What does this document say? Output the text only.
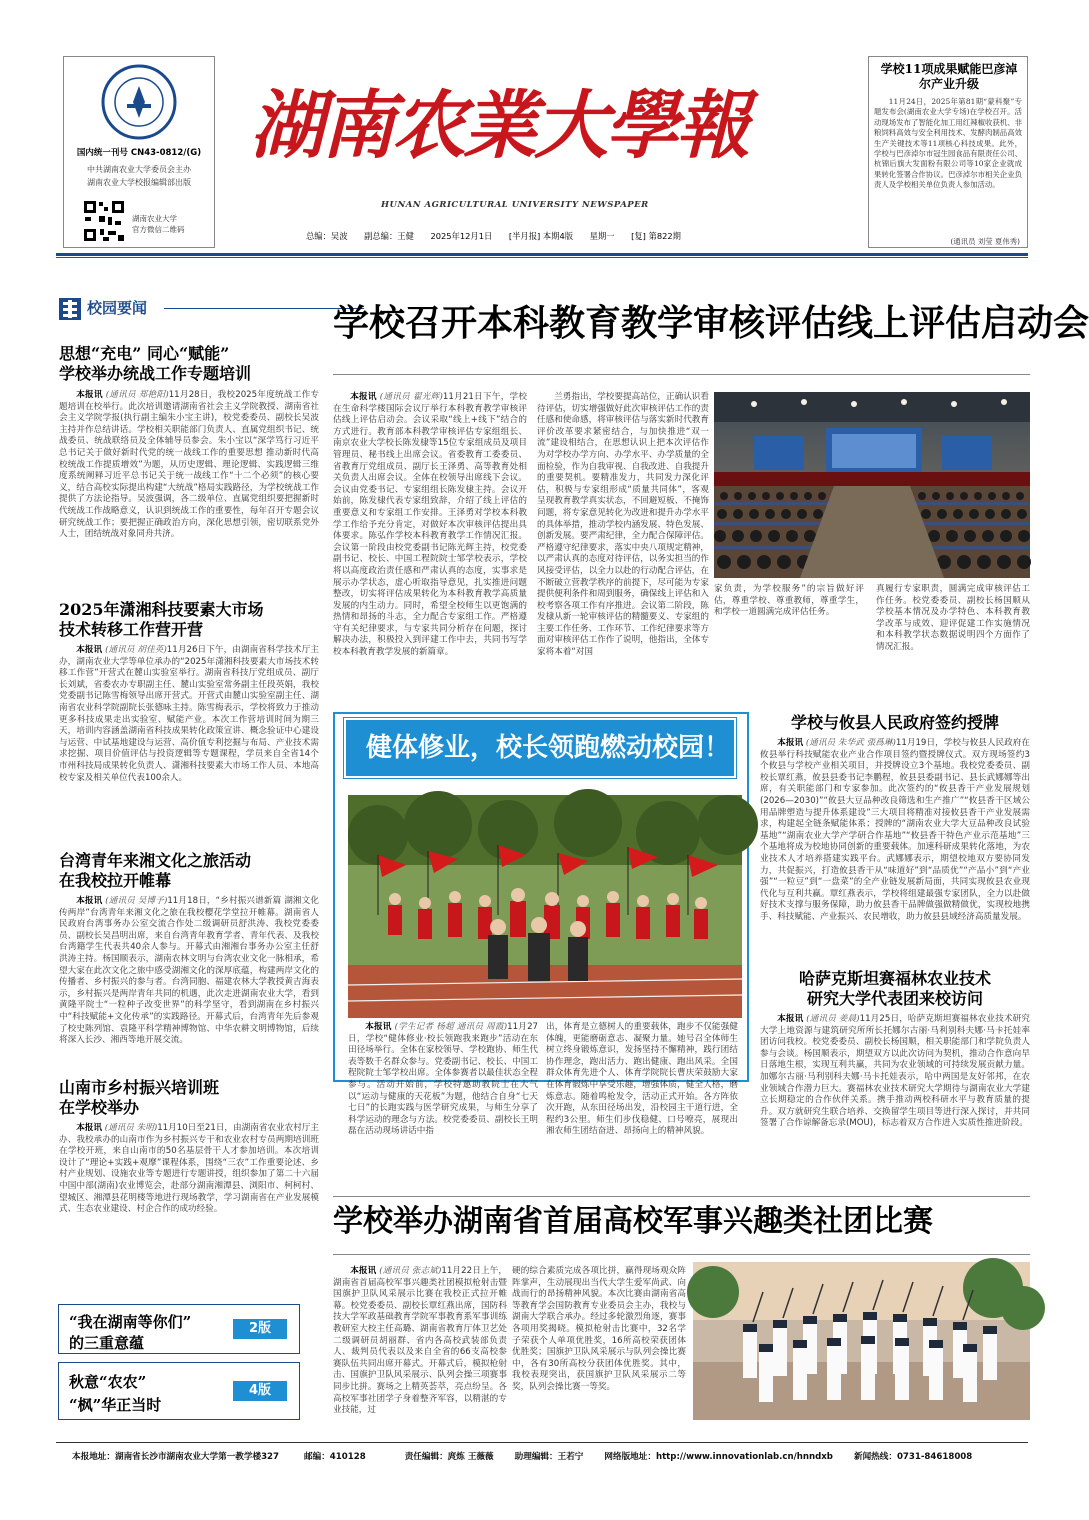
国内统一刊号 CN43-0812/(G)
中共湖南农业大学委员会主办
湖南农业大学校报编辑部出版
湖南农业大学
官方微信二维码
湖南农業大學報
HUNAN AGRICULTURAL UNIVERSITY NEWSPAPER
总编：吴波　　副总编：王健　　2025年12月1日　　[半月报] 本期4版　　星期一　　[复] 第822期
学校11项成果赋能巴彦淖尔产业升级
11月24日，2025年第81期“蒙科聚”专题发布会(湖南农业大学专场)在学校召开。活动现场发布了智能化加工用红辣椒收获机、非粮饲料高效与安全利用技术、发酵肉制品高效生产关键技术等11项核心科技成果。此外，学校与巴彦淖尔市冠生园食品有限责任公司、杭锦后旗大发面粉有限公司等10家企业就成果转化签署合作协议。巴彦淖尔市相关企业负责人及学校相关单位负责人参加活动。
(通讯员 刘莹 夏伟秀)
校园要闻
思想“充电” 同心“赋能”
学校举办统战工作专题培训

本报讯 (通讯员 郑艳阳)11月28日，我校2025年度统战工作专题培训在校举行。此次培训邀请湖南省社会主义学院教授、湖南省社会主义学院学报(执行副主编朱小宝主讲)，校党委委员、副校长吴波主持并作总结讲话。学校相关职能部门负责人、直属党组织书记、统战委员、统战联络员及全体辅导员参会。朱小宝以“深学笃行习近平总书记关于做好新时代党的统一战线工作的重要思想 推动新时代高校统战工作提质增效”为题，从历史逻辑、理论逻辑、实践逻辑三维度系统阐释习近平总书记关于统一战线工作“十二个必须”的核心要义，结合高校实际提出构建“大统战”格局实践路径，为学校统战工作提供了方法论指导。吴波强调，各二级单位、直属党组织要把握新时代统战工作战略意义，认识到统战工作的重要性，每年召开专题会议研究统战工作；要把握正确政治方向，深化思想引领，密切联系党外人士，团结统战对象同舟共济。

2025年潇湘科技要素大市场
技术转移工作营开营

本报讯 (通讯员 胡佳英)11月26日下午，由湖南省科学技术厅主办，湖南农业大学等单位承办的“2025年潇湘科技要素大市场技术转移工作营”开营式在麓山实验室举行。湖南省科技厅党组成员、副厅长刘斌，省委农办专职副主任、麓山实验室常务副主任段英娟，我校党委副书记陈雪梅领导出席开营式。开营式由麓山实验室副主任、湖南省农业科学院副院长张德咏主持。陈雪梅表示，学校将致力于推动更多科技成果走出实验室、赋能产业。本次工作营培训时间为期三天，培训内容涵盖湖南省科技成果转化政策宣讲、概念验证中心建设与运营、中试基地建设与运营、高价值专利挖掘与布局、产业技术需求挖掘、项目价值评估与投资逻辑等专题课程，学员来自全省14个市州科技局成果转化负责人、潇湘科技要素大市场工作人员、本地高校专家及相关单位代表100余人。

台湾青年来湘文化之旅活动
在我校拉开帷幕

本报讯 (通讯员 吴博予)11月18日，“乡村振兴谱新篇 湖湘文化传两岸”台湾青年来湘文化之旅在我校樱花学堂拉开帷幕。湖南省人民政府台湾事务办公室交流合作处二级调研员舒洪涛、我校党委委员、副校长吴昌明出席，来自台湾青年教育学者、青年代表、及我校台湾籍学生代表共40余人参与。开幕式由湘湘台事务办公室主任舒洪涛主持。杨国顺表示，湖南农林文明与台湾农业文化一脉相承，希望大家在此次文化之旅中感受湖湘文化的深厚底蕴，构建两岸文化的传播者、乡村振兴的参与者。台湾同胞、福建农林大学教授黄吉海表示，乡村振兴是两岸青年共同的机遇，此次走进湖南农业大学，看到黄隆平院士“一粒种子改变世界”的科学坚守，看到湖南在乡村振兴中“科技赋能+文化传承”的实践路径。开幕式后，台湾青年先后参观了校史陈列馆、袁隆平科学精神博物馆、中华农耕文明博物馆，后续将深入长沙、湘西等地开展交流。

山南市乡村振兴培训班
在学校举办

本报讯 (通讯员 朱明)11月10日至21日，由湖南省农业农村厅主办、我校承办的山南市作为乡村振兴专干和农业农村专员两期培训班在学校开班，来自山南市的50名基层骨干人才参加培训。本次培训设计了“理论+实践+观摩”课程体系，围绕“三农”工作重要论述、乡村产业规划、设施农业等专题进行专题讲授，组织参加了第二十六届中国中部(湖南)农业博览会，赴部分湖南湘潭县、浏阳市、柯柯村、望城区、湘潭县花明楼等地进行现场教学，学习湖南省在产业发展模式、生态农业建设、村企合作的成功经验。

“我在湖南等你们”
的三重意蕴
2版
秋意“农农”
“枫”华正当时
4版
学校召开本科教育教学审核评估线上评估启动会

本报讯 (通讯员 翟光辉)11月21日下午，学校在生命科学楼国际会议厅举行本科教育教学审核评估线上评估启动会。会议采取“线上+线下”结合的方式进行。教育部本科教学审核评估专家组组长、南京农业大学校长陈发棣等15位专家组成员及项目管理员、秘书线上出席会议。省委教育工委委员、省教育厅党组成员、副厅长王泽勇、高等教育处相关负责人出席会议。全体在校领导出席线下会议。会议由党委书记、专家组组长陈发棣主持。会议开始前，陈发棣代表专家组致辞，介绍了线上评估的重要意义和专家组工作安排。王泽勇对学校本科教学工作给予充分肯定，对做好本次审核评估提出具体要求。陈弘作学校本科教育教学工作情况汇报。会议第一阶段由校党委副书记陈光辉主持，校党委副书记、校长、中国工程院院士邹学校表示，学校将以高度政治责任感和严肃认真的态度，实事求是展示办学状态，虚心听取指导意见，扎实推进问题整改，切实将评估成果转化为本科教育教学高质量发展的内生动力。同时，希望全校师生以更饱满的热情和昂扬的斗志，全力配合专家组工作。严格遵守有关纪律要求，与专家共同分析存在问题，探讨解决办法，积极投入到评建工作中去，共同书写学校本科教育教学发展的新篇章。

兰勇指出，学校要提高站位，正确认识看待评估，切实增强做好此次审核评估工作的责任感和使命感，将审核评估与落实新时代教育评价改革要求紧密结合，与加快推进“双一流”建设相结合，在思想认识上把本次评估作为对学校办学方向、办学水平、办学质量的全面检验，作为自我审视、自我改进、自我提升的重要契机。要精准发力，共同发力深化评估，积极与专家组形成“质量共同体”，客观呈现教育教学真实状态，不回避短板、不掩饰问题，将专家意见转化为改进和提升办学水平的具体举措，推动学校内涵发展、特色发展、创新发展。要严肃纪律，全力配合保障评估。严格遵守纪律要求，落实中央八项规定精神，以严肃认真的态度对待评估，以务实担当的作风接受评估，以全力以赴的行动配合评估，在不断破立营教学秩序的前提下，尽可能为专家提供便利条件和周到服务，确保线上评估和入校考察各项工作有序推进。会议第二阶段，陈发棣从新一轮审核评估的精髓要义、专家组的主要工作任务、工作环节、工作纪律要求等方面对审核评估工作作了说明，他指出，全体专家将本着“对国

家负责，为学校服务”的宗旨做好评估，尊重学校、尊重教师，尊重学生，和学校一道圆满完成评估任务。

真履行专家职责，圆满完成审核评估工作任务。校党委委员、副校长杨国顺从学校基本情况及办学特色、本科教育教学改革与成效、迎评促建工作实施情况和本科教学状态数据说明四个方面作了情况汇报。

健体修业，校长领跑燃动校园！

本报讯 (学生记者 杨超 通讯员 周霞)11月27日，学校“健体修业·校长领跑我来跑步”活动在东田径场举行。全体在家校领导、学校跑协、师生代表等数千名群众参与。党委副书记、校长、中国工程院院士邹学校出席。全体参赛者以最佳状态全程参与。活动开始前，学校特邀助教院士在大气以“运动与健康的天花板”为题，他结合自身“七天七日”的长跑实践与医学研究成果，与师生分享了科学运动的理念与方法。校党委委员、副校长王明磊在活动现场讲话中指

出，体育是立德树人的重要载体，跑步不仅能强健体魄，更能磨砺意志、凝聚力量。她号召全体师生树立终身锻炼意识，发扬坚持不懈精神，践行团结协作理念，跑出活力、跑出健康、跑出风采。全国群众体育先进个人、体育学院院长曹庆荣鼓励大家在体育锻炼中享受乐趣，增强体质，健全人格，磨炼意志。随着鸣枪发令，活动正式开始。各方阵依次开跑，从东田径场出发，沿校园主干道行进，全程约3公里。师生们步伐稳健、口号嘹亮，展现出湘农师生团结奋进、昂扬向上的精神风貌。

学校与攸县人民政府签约授牌

本报讯 (通讯员 朱华武 張爲琳)11月19日，学校与攸县人民政府在攸县举行科技赋能农业产业合作项目签约暨授牌仪式。双方现场签约3个攸县与学校产业相关项目，并授牌设立3个基地。我校党委委员、副校长覃红燕，攸县县委书记李鹏程，攸县县委副书记、县长武娜娜等出席，有关职能部门和专家参加。此次签约的“攸县香干产业发展规划(2026—2030)”“攸县大豆品种改良筛选和生产推广”“攸县香干区域公用品牌塑造与提升体系建设”三大项目将精准对接攸县香干产业发展需求，构建起全链条赋能体系；授牌的“湖南农业大学大豆品种改良试验基地”“湖南农业大学产学研合作基地”“攸县香干特色产业示范基地”三个基地将成为校地协同创新的重要载体。加速科研成果转化落地，为农业技术人才培养搭建实践平台。武娜娜表示，期望校地双方要协同发力，共促振兴，打造攸县香干从“味道好”到“品质优”“产品小”到“产业强”“一粒豆”到“一盘菜”的全产业链发展新局面，共同实现攸县农业现代化与互利共赢。覃红燕表示，学校将组建最强专家团队，全力以赴做好技术支撑与服务保障，助力攸县香干品牌做强做精做优，实现校地携手、科技赋能、产业振兴、农民增收，助力攸县县域经济高质量发展。

哈萨克斯坦赛福林农业技术
研究大学代表团来校访问

本报讯 (通讯员 姜晨)11月25日，哈萨克斯坦赛福林农业技术研究大学上地资源与建筑研究所所长托娜尔古丽·马利别科夫娜·马卡托娃率团访问我校。校党委委员、副校长杨国顺，相关职能部门和学院负责人参与会谈。杨国顺表示，期望双方以此次访问为契机，推动合作意向早日落地生根，实现互利共赢，共同为农业领域的可持续发展贡献力量。加娜尔古丽·马利别科夫娜·马卡托娃表示，哈中两国是友好邻邦，在农业领域合作潜力巨大。赛福林农业技术研究大学期待与湖南农业大学建立长期稳定的合作伙伴关系。携手推动两校科研水平与教育质量的提升。双方就研究生联合培养、交换留学生项目等进行深入探讨，并共同签署了合作谅解备忘录(MOU)，标志着双方合作进入实质性推进阶段。

学校举办湖南省首届高校军事兴趣类社团比赛

本报讯 (通讯员 张志斌)11月22日上午，湖南省首届高校军事兴趣类社团模拟枪射击暨国旗护卫队风采展示比赛在我校正式拉开帷幕。校党委委员、副校长覃红燕出席，国防科技大学军政基础教育学院军事教育系军事训练教研室大校主任高璐、湖南省教育厅体卫艺处二级调研员胡丽群、省内各高校武装部负责人、裁判员代表以及来自全省的66支高校参赛队伍共同出席开幕式。开幕式后，模拟枪射击、国旗护卫队风采展示、队列会操三项赛事同步比拼。赛场之上精英荟萃，亮点纷呈。各高校军事社团学子身着整齐军容，以精湛的专业技能，过

硬的综合素质完成各项比拼，赢得现场观众阵阵掌声，生动展现出当代大学生爱军尚武、向战而行的昂扬精神风貌。本次比赛由湖南省高等教育学会国防教育专业委员会主办，我校与湖南大学联合承办。经过多轮激烈角逐，赛事各项用奖揭晓。模拟枪射击比赛中，32名学子荣获个人单项优胜奖，16所高校荣获团体优胜奖；国旗护卫队风采展示与队列会操比赛中，各有30所高校分获团体优胜奖。其中，我校表现突出，获国旗护卫队风采展示二等奖，队列会操比赛一等奖。

本报地址：湖南省长沙市湖南农业大学第一教学楼327	邮编：410128	责任编辑：庹炼 王薇薇 助理编辑：王若宁 网络版地址：http://www.innovationlab.cn/hnndxb 新闻热线：0731-84618008
